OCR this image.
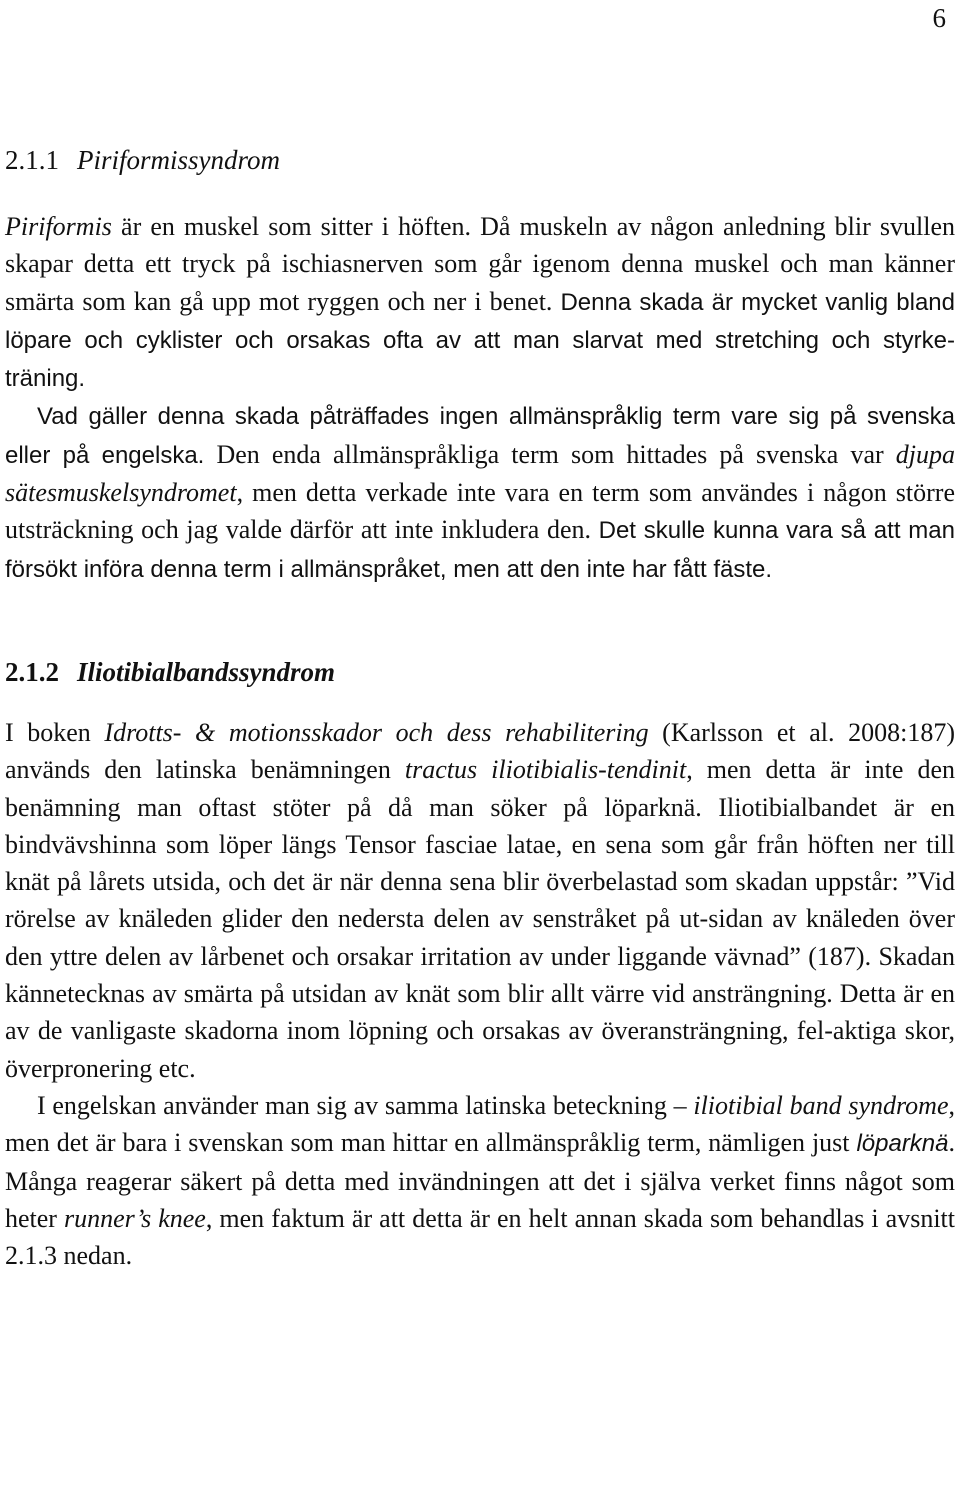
6
2.1.1 Piriformissyndrom

Piriformis är en muskel som sitter i höften. Då muskeln av någon anledning blir svullen skapar detta ett tryck på ischiasnerven som går igenom denna muskel och man känner smärta som kan gå upp mot ryggen och ner i benet. Denna skada är mycket vanlig bland löpare och cyklister och orsakas ofta av att man slarvat med stretching och styrke-träning.

Vad gäller denna skada påträffades ingen allmänspråklig term vare sig på svenska eller på engelska. Den enda allmänspråkliga term som hittades på svenska var djupa sätesmuskelsyndromet, men detta verkade inte vara en term som användes i någon större utsträckning och jag valde därför att inte inkludera den. Det skulle kunna vara så att man försökt införa denna term i allmänspråket, men att den inte har fått fäste.

2.1.2 Iliotibialbandssyndrom

I boken Idrotts- & motionsskador och dess rehabilitering (Karlsson et al. 2008:187) används den latinska benämningen tractus iliotibialis-tendinit, men detta är inte den benämning man oftast stöter på då man söker på löparknä. Iliotibialbandet är en bindvävshinna som löper längs Tensor fasciae latae, en sena som går från höften ner till knät på lårets utsida, och det är när denna sena blir överbelastad som skadan uppstår: ”Vid rörelse av knäleden glider den nedersta delen av senstråket på ut-sidan av knäleden över den yttre delen av lårbenet och orsakar irritation av under liggande vävnad” (187). Skadan kännetecknas av smärta på utsidan av knät som blir allt värre vid ansträngning. Detta är en av de vanligaste skadorna inom löpning och orsakas av överansträngning, fel-aktiga skor, överpronering etc.

I engelskan använder man sig av samma latinska beteckning – iliotibial band syndrome, men det är bara i svenskan som man hittar en allmänspråklig term, nämligen just löparknä. Många reagerar säkert på detta med invändningen att det i själva verket finns något som heter runner’s knee, men faktum är att detta är en helt annan skada som behandlas i avsnitt 2.1.3 nedan.
